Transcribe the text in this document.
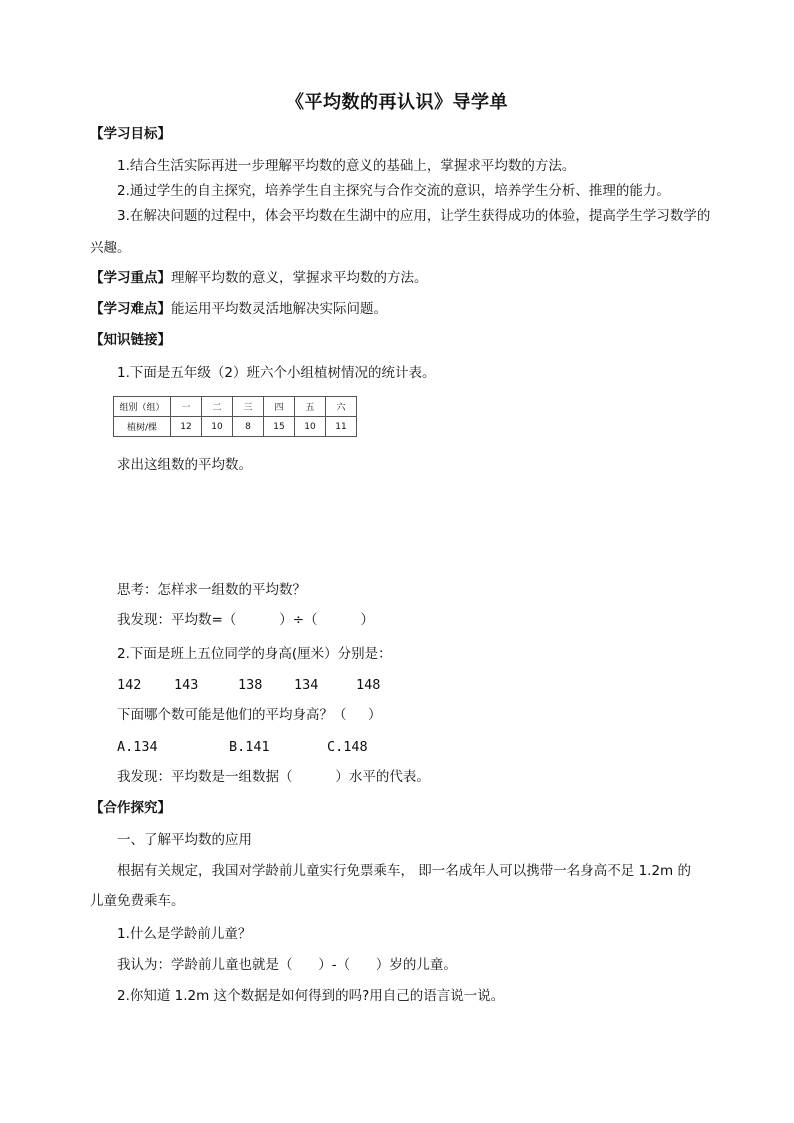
《平均数的再认识》导学单
【学习目标】
1.结合生活实际再进一步理解平均数的意义的基础上，掌握求平均数的方法。
2.通过学生的自主探究，培养学生自主探究与合作交流的意识，培养学生分析、推理的能力。
3.在解决问题的过程中，体会平均数在生湖中的应用，让学生获得成功的体验，提高学生学习数学的
兴趣。
【学习重点】理解平均数的意义，掌握求平均数的方法。
【学习难点】能运用平均数灵活地解决实际问题。
【知识链接】
1.下面是五年级（2）班六个小组植树情况的统计表。
组别（组）	一	二	三	四	五	六
植树/棵	12	10	8	15	10	11
求出这组数的平均数。
思考：怎样求一组数的平均数？
我发现：平均数=（          ）÷（          ）
2.下面是班上五位同学的身高(厘米）分别是：
142 143	138 134	148
下面哪个数可能是他们的平均身高？（     ）
A.134	B.141	C.148
我发现：平均数是一组数据（          ）水平的代表。
【合作探究】
一、了解平均数的应用
根据有关规定，我国对学龄前儿童实行免票乘车， 即一名成年人可以携带一名身高不足 1.2m 的
儿童免费乘车。
1.什么是学龄前儿童？
我认为：学龄前儿童也就是（      ）-（      ）岁的儿童。
2.你知道 1.2m 这个数据是如何得到的吗?用自己的语言说一说。
